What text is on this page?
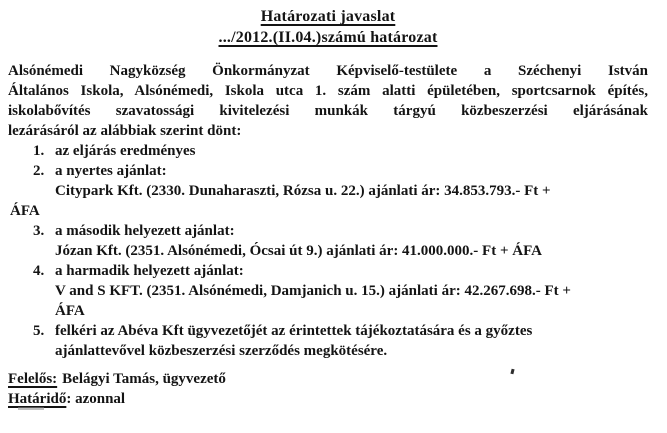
Határozati javaslat
.../2012.(II.04.)számú határozat
Alsónémedi Nagyközség Önkormányzat Képviselő-testülete a Széchenyi István
Általános Iskola, Alsónémedi, Iskola utca 1. szám alatti épületében, sportcsarnok építés,
iskolabővítés szavatossági kivitelezési munkák tárgyú közbeszerzési eljárásának
lezárásáról az alábbiak szerint dönt:
1. az eljárás eredményes
2. a nyertes ajánlat:
Citypark Kft. (2330. Dunaharaszti, Rózsa u. 22.) ajánlati ár: 34.853.793.- Ft +
ÁFA
3. a második helyezett ajánlat:
Józan Kft. (2351. Alsónémedi, Ócsai út 9.) ajánlati ár: 41.000.000.- Ft + ÁFA
4. a harmadik helyezett ajánlat:
V and S KFT. (2351. Alsónémedi, Damjanich u. 15.) ajánlati ár: 42.267.698.- Ft +
ÁFA
5. felkéri az Abéva Kft ügyvezetőjét az érintettek tájékoztatására és a győztes
ajánlattevővel közbeszerzési szerződés megkötésére.
Felelős: Belágyi Tamás, ügyvezető
Határidő: azonnal
